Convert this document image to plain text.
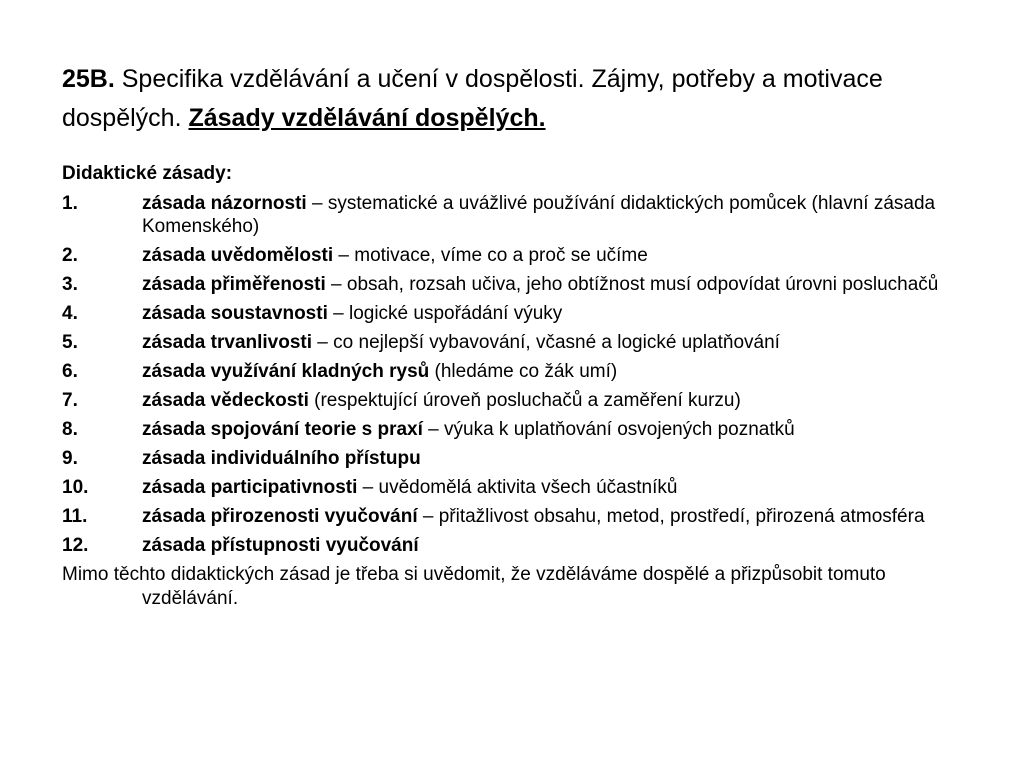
25B. Specifika vzdělávání a učení v dospělosti. Zájmy, potřeby a motivace dospělých. Zásady vzdělávání dospělých.
Didaktické zásady:
1.	zásada názornosti – systematické a uvážlivé používání didaktických pomůcek (hlavní zásada Komenského)
2.	zásada uvědomělosti – motivace, víme co a proč se učíme
3.	zásada přiměřenosti – obsah, rozsah učiva, jeho obtížnost musí odpovídat úrovni posluchačů
4.	zásada soustavnosti – logické uspořádání výuky
5.	zásada trvanlivosti – co nejlepší vybavování, včasné a logické uplatňování
6.	zásada využívání kladných rysů (hledáme co žák umí)
7.	zásada vědeckosti (respektující úroveň posluchačů a zaměření kurzu)
8.	zásada spojování teorie s praxí – výuka k uplatňování osvojených poznatků
9.	zásada individuálního přístupu
10.	zásada participativnosti – uvědomělá aktivita všech účastníků
11.	zásada přirozenosti vyučování – přitažlivost obsahu, metod, prostředí, přirozená atmosféra
12.	zásada přístupnosti vyučování
Mimo těchto didaktických zásad je třeba si uvědomit, že vzděláváme dospělé a přizpůsobit tomuto vzdělávání.
